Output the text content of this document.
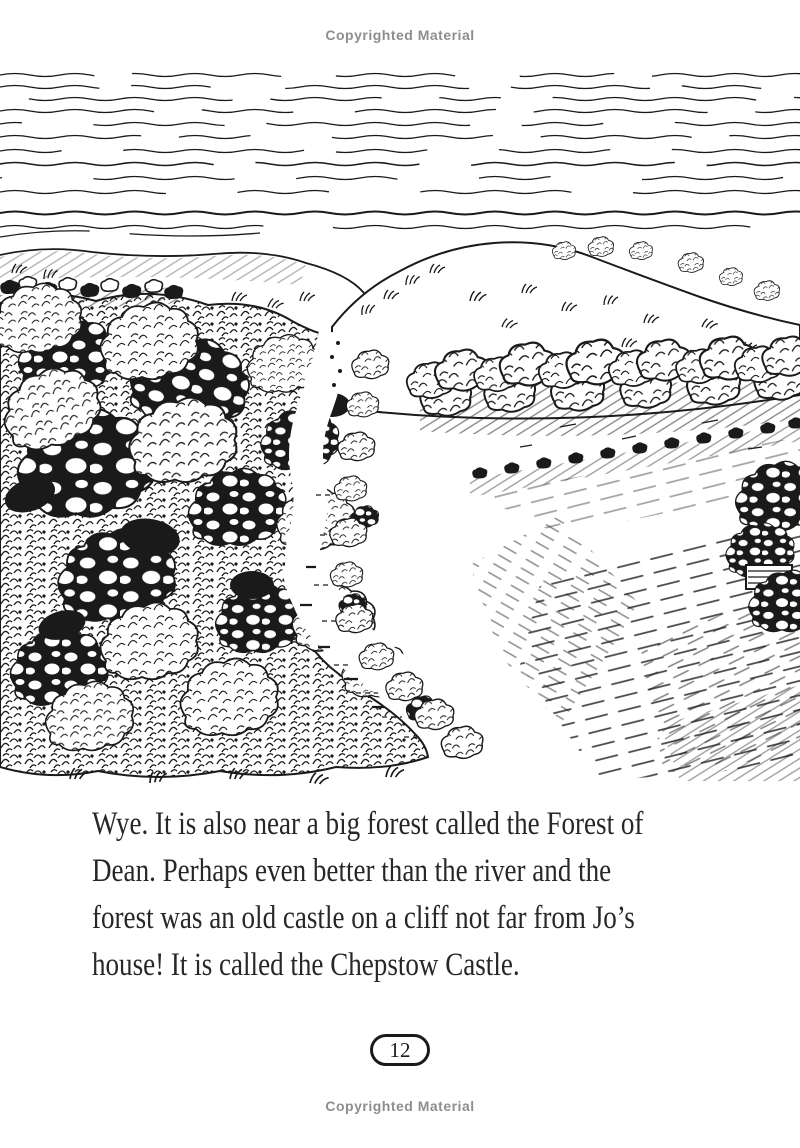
Copyrighted Material
Wye. It is also near a big forest called the Forest of
Dean. Perhaps even better than the river and the
forest was an old castle on a cliff not far from Jo’s
house! It is called the Chepstow Castle.
12
Copyrighted Material
